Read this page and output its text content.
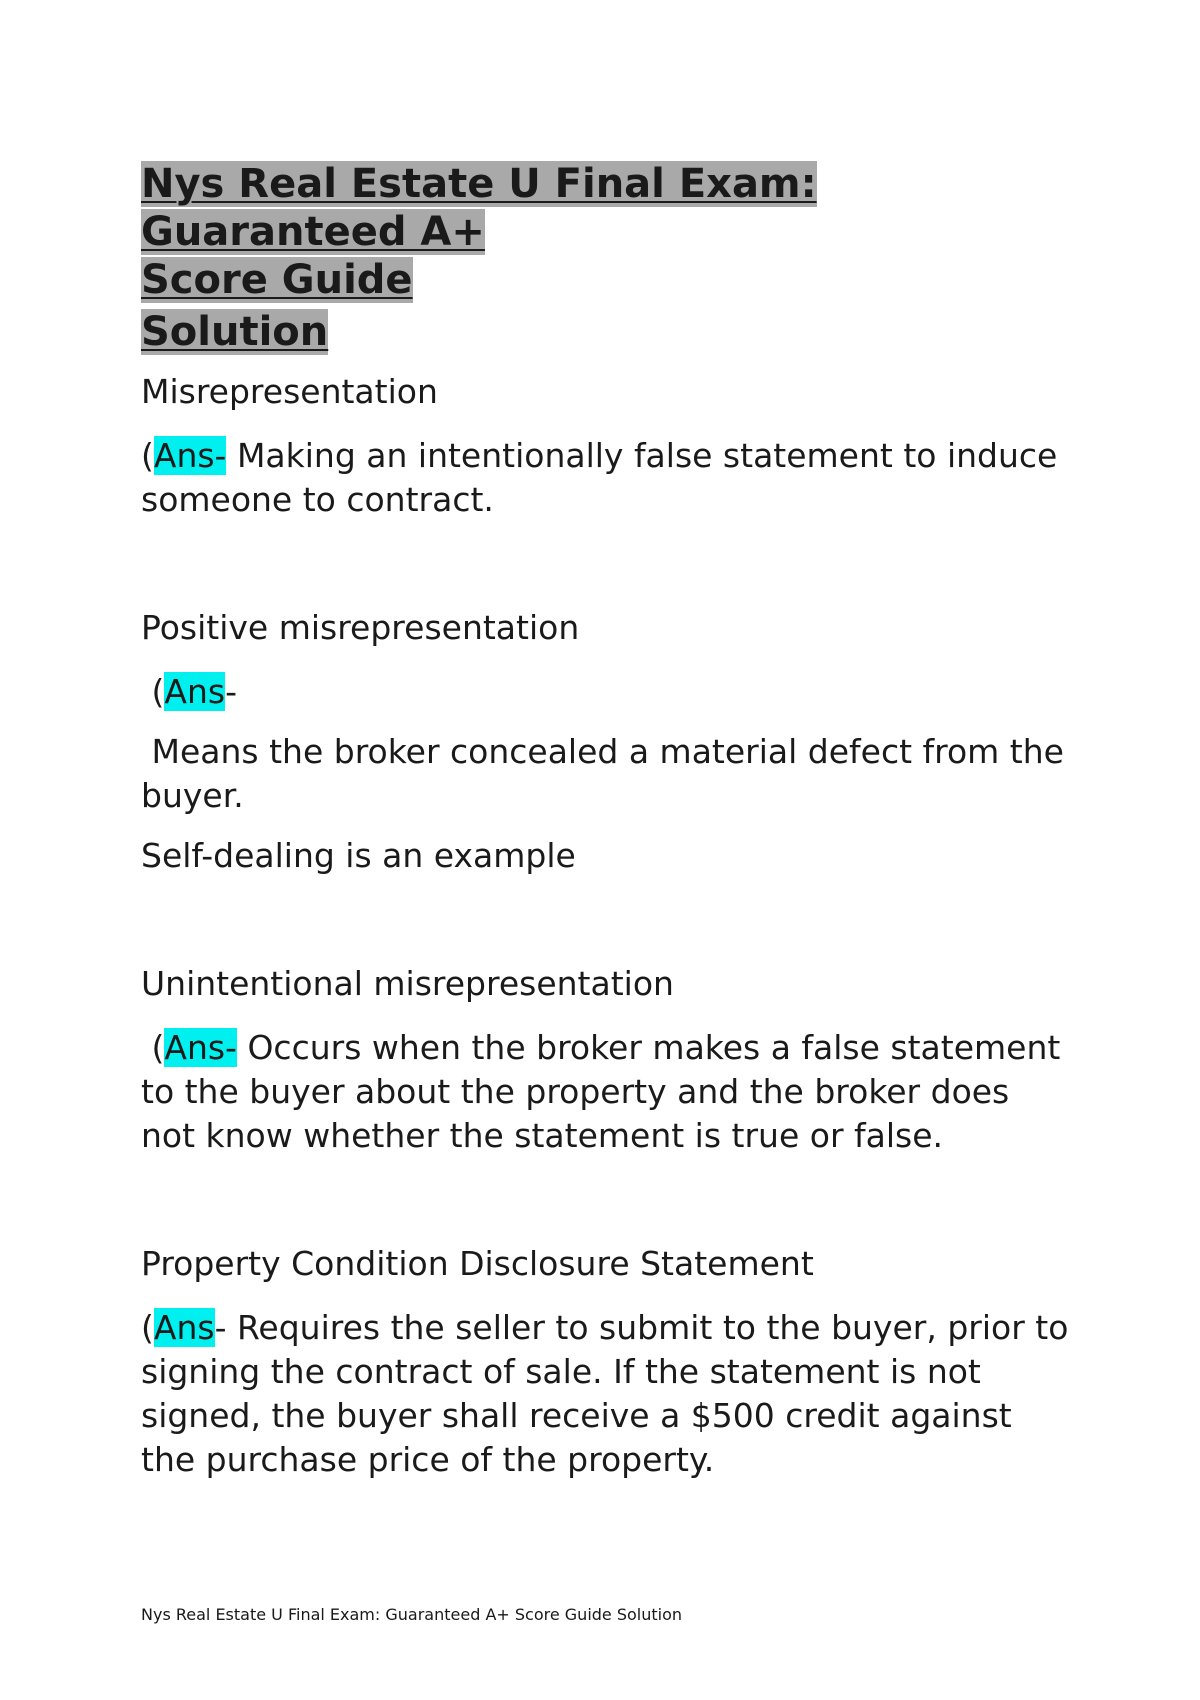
Nys Real Estate U Final Exam: Guaranteed A+
Score Guide
Solution

Misrepresentation

(Ans- Making an intentionally false statement to induce someone to contract.

Positive misrepresentation

(Ans-

Means the broker concealed a material defect from the buyer.

Self-dealing is an example

Unintentional misrepresentation

(Ans- Occurs when the broker makes a false statement to the buyer about the property and the broker does not know whether the statement is true or false.

Property Condition Disclosure Statement

(Ans- Requires the seller to submit to the buyer, prior to signing the contract of sale. If the statement is not signed, the buyer shall receive a $500 credit against the purchase price of the property.

Nys Real Estate U Final Exam: Guaranteed A+ Score Guide Solution
